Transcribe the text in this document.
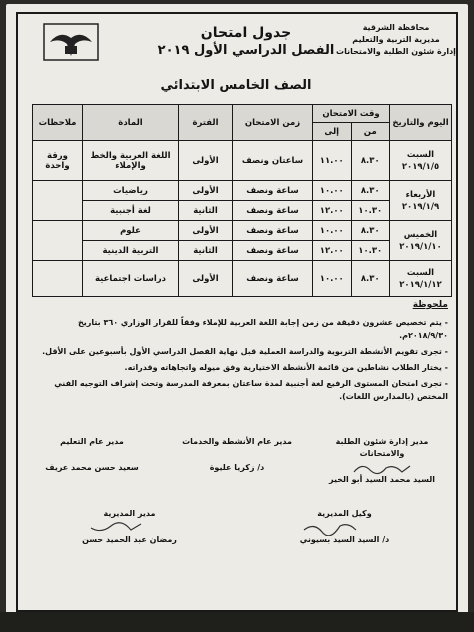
محافظة الشرقية
مديرية التربية والتعليم
إدارة شئون الطلبة والامتحانات
جدول امتحان
الفصل الدراسي الأول ٢٠١٩
الصف الخامس الابتدائي
اليوم والتاريخ	وقت الامتحان		زمن الامتحان	الفترة	المادة	ملاحظات
	من	إلى				

السبت
٢٠١٩/١/٥	٨.٣٠	١١.٠٠	ساعتان ونصف	الأولى	اللغة العربية والخط والإملاء	ورقة واحدة

الأربعاء
٢٠١٩/١/٩	٨.٣٠	١٠.٠٠	ساعة ونصف	الأولى	رياضيات	
	١٠.٣٠	١٢.٠٠	ساعة ونصف	الثانية	لغة أجنبية	

الخميس
٢٠١٩/١/١٠	٨.٣٠	١٠.٠٠	ساعة ونصف	الأولى	علوم	
	١٠.٣٠	١٢.٠٠	ساعة ونصف	الثانية	التربية الدينية	

السبت
٢٠١٩/١/١٢	٨.٣٠	١٠.٠٠	ساعة ونصف	الأولى	دراسات اجتماعية	
ملحوظة
- يتم تخصيص عشرون دقيقة من زمن إجابة اللغة العربية للإملاء وفقاً للقرار الوزاري ٣٦٠ بتاريخ ٢٠١٨/٩/٣٠م.
- تجرى تقويم الأنشطة التربوية والدراسة العملية قبل نهاية الفصل الدراسي الأول بأسبوعين على الأقل.
- يختار الطلاب نشاطين من قائمة الأنشطة الاختيارية وفق ميوله واتجاهاته وقدراته.
- تجرى امتحان المستوى الرفيع لغة أجنبية لمدة ساعتان بمعرفة المدرسة وتحت إشراف التوجيه الفني المختص (بالمدارس اللغات).
مدير إدارة شئون الطلبة والامتحانات
السيد محمد السيد أبو الخير
مدير عام الأنشطة والخدمات
د/ زكريا عليوة
مدير عام التعليم
سعيد حسن محمد عريف
وكيل المديرية
د/ السيد السيد بسيوني
مدير المديرية
رمضان عبد الحميد حسن
